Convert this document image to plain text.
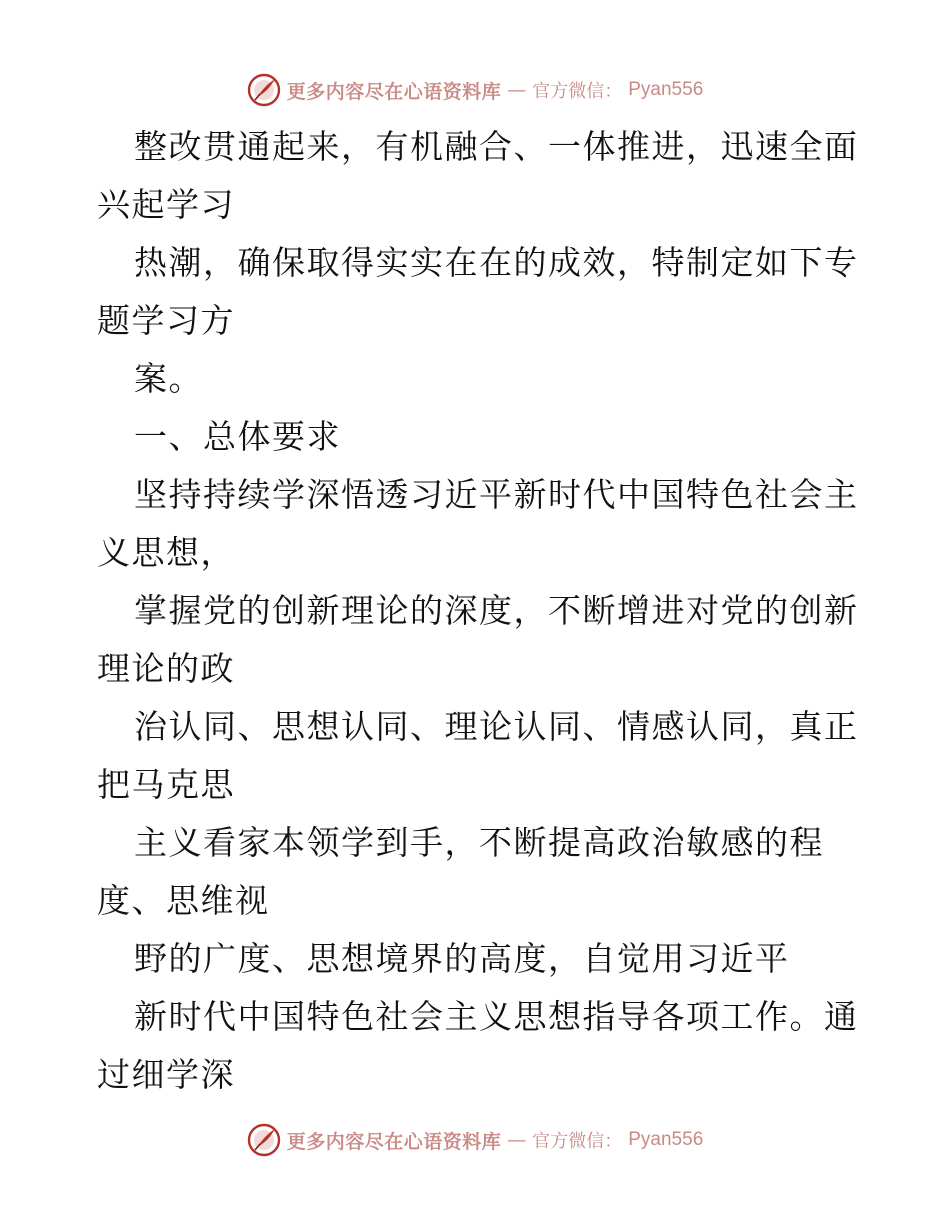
更多内容尽在心语资料库 — 官方微信： Pyan556
整改贯通起来，有机融合、一体推进，迅速全面
兴起学习
热潮，确保取得实实在在的成效，特制定如下专
题学习方
案。
一、总体要求
坚持持续学深悟透习近平新时代中国特色社会主
义思想，
掌握党的创新理论的深度，不断增进对党的创新
理论的政
治认同、思想认同、理论认同、情感认同，真正
把马克思
主义看家本领学到手，不断提高政治敏感的程
度、思维视
野的广度、思想境界的高度，自觉用习近平
新时代中国特色社会主义思想指导各项工作。通
过细学深
更多内容尽在心语资料库 — 官方微信： Pyan556
